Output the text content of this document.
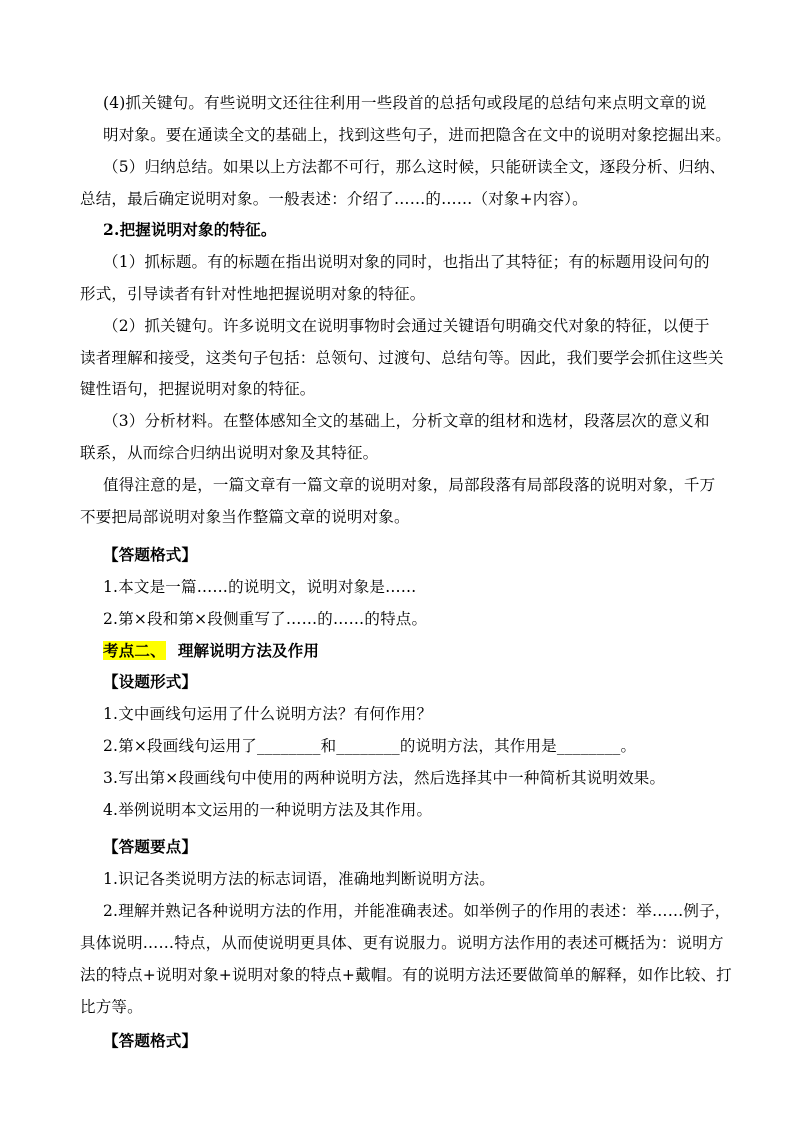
(4)抓关键句。有些说明文还往往利用一些段首的总括句或段尾的总结句来点明文章的说
明对象。要在通读全文的基础上，找到这些句子，进而把隐含在文中的说明对象挖掘出来。
（5）归纳总结。如果以上方法都不可行，那么这时候，只能研读全文，逐段分析、归纳、
总结，最后确定说明对象。一般表述：介绍了……的……（对象+内容）。
2.把握说明对象的特征。
（1）抓标题。有的标题在指出说明对象的同时，也指出了其特征；有的标题用设问句的
形式，引导读者有针对性地把握说明对象的特征。
（2）抓关键句。许多说明文在说明事物时会通过关键语句明确交代对象的特征，以便于
读者理解和接受，这类句子包括：总领句、过渡句、总结句等。因此，我们要学会抓住这些关
键性语句，把握说明对象的特征。
（3）分析材料。在整体感知全文的基础上，分析文章的组材和选材，段落层次的意义和
联系，从而综合归纳出说明对象及其特征。
值得注意的是，一篇文章有一篇文章的说明对象，局部段落有局部段落的说明对象，千万
不要把局部说明对象当作整篇文章的说明对象。
【答题格式】
1.本文是一篇……的说明文，说明对象是……
2.第×段和第×段侧重写了……的……的特点。
考点二、 理解说明方法及作用
【设题形式】
1.文中画线句运用了什么说明方法？有何作用？
2.第×段画线句运用了________和________的说明方法，其作用是________。
3.写出第×段画线句中使用的两种说明方法，然后选择其中一种简析其说明效果。
4.举例说明本文运用的一种说明方法及其作用。
【答题要点】
1.识记各类说明方法的标志词语，准确地判断说明方法。
2.理解并熟记各种说明方法的作用，并能准确表述。如举例子的作用的表述：举……例子，
具体说明……特点，从而使说明更具体、更有说服力。说明方法作用的表述可概括为：说明方
法的特点+说明对象+说明对象的特点+戴帽。有的说明方法还要做简单的解释，如作比较、打
比方等。
【答题格式】
